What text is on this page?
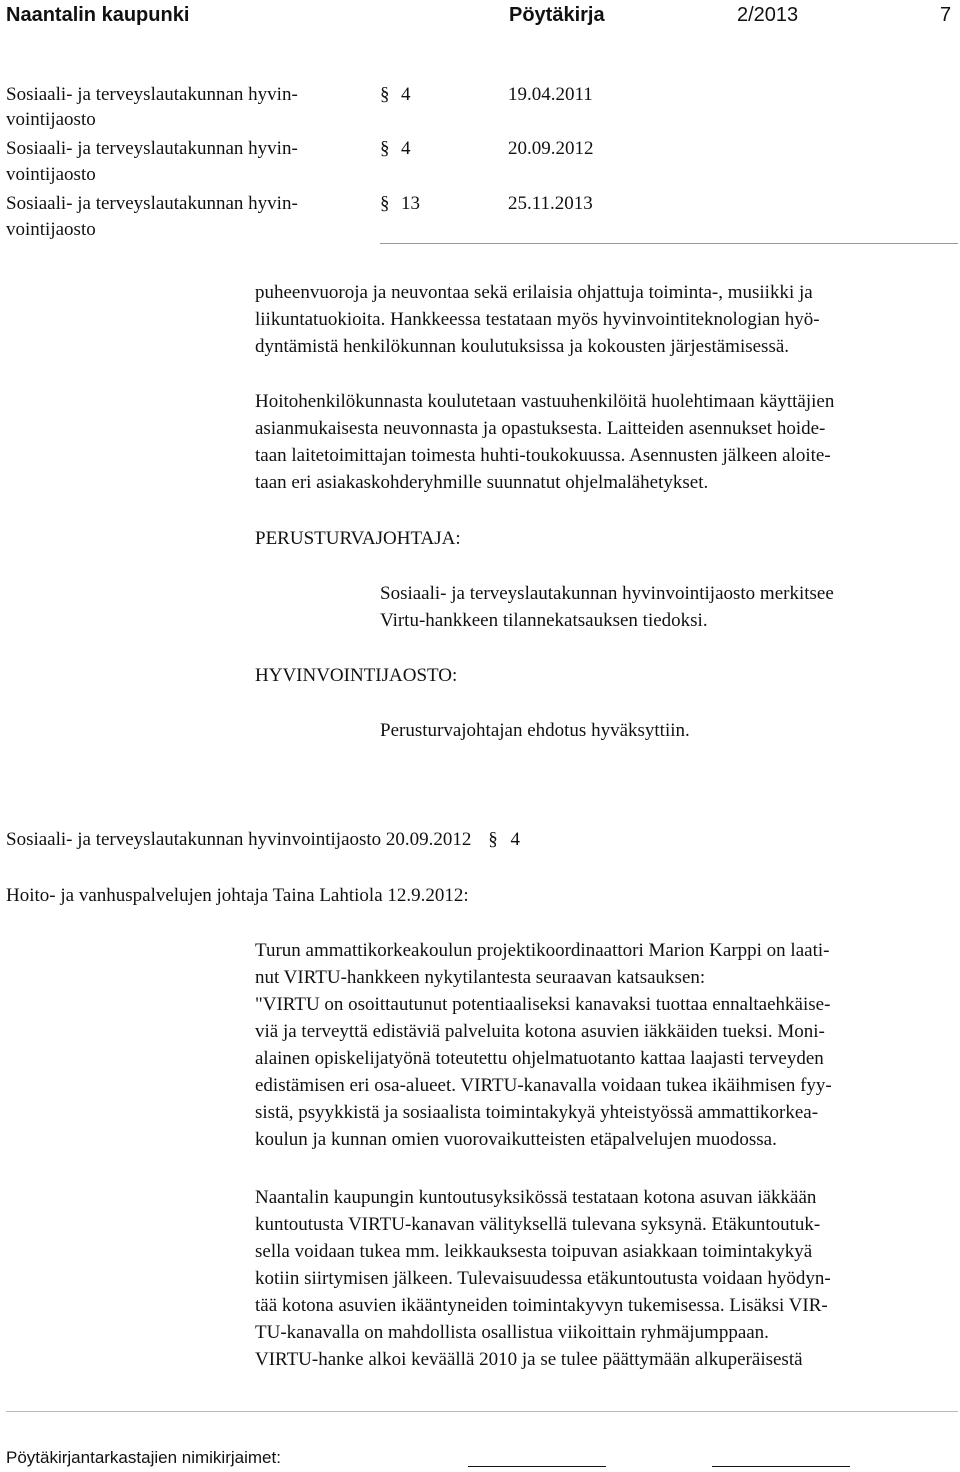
Naantalin kaupunki	Pöytäkirja	2/2013	7
Sosiaali- ja terveyslautakunnan hyvin-
vointijaosto
§ 4	19.04.2011
Sosiaali- ja terveyslautakunnan hyvin-
vointijaosto
§ 4	20.09.2012
Sosiaali- ja terveyslautakunnan hyvin-
vointijaosto
§ 13	25.11.2013
puheenvuoroja ja neuvontaa sekä erilaisia ohjattuja toiminta-, musiikki ja
liikuntatuokioita. Hankkeessa testataan myös hyvinvointiteknologian hyö-
dyntämistä henkilökunnan koulutuksissa ja kokousten järjestämisessä.
Hoitohenkilökunnasta koulutetaan vastuuhenkilöitä huolehtimaan käyttäjien
asianmukaisesta neuvonnasta ja opastuksesta. Laitteiden asennukset hoide-
taan laitetoimittajan toimesta huhti-toukokuussa. Asennusten jälkeen aloite-
taan eri asiakaskohderyhmille suunnatut ohjelmalähetykset.
PERUSTURVAJOHTAJA:
Sosiaali- ja terveyslautakunnan hyvinvointijaosto merkitsee
Virtu-hankkeen tilannekatsauksen tiedoksi.
HYVINVOINTIJAOSTO:
Perusturvajohtajan ehdotus hyväksyttiin.
Sosiaali- ja terveyslautakunnan hyvinvointijaosto 20.09.2012 § 4
Hoito- ja vanhuspalvelujen johtaja Taina Lahtiola 12.9.2012:
Turun ammattikorkeakoulun projektikoordinaattori Marion Karppi on laati-
nut VIRTU-hankkeen nykytilantesta seuraavan katsauksen:
"VIRTU on osoittautunut potentiaaliseksi kanavaksi tuottaa ennaltaehkäise-
viä ja terveyttä edistäviä palveluita kotona asuvien iäkkäiden tueksi. Moni-
alainen opiskelijatyönä toteutettu ohjelmatuotanto kattaa laajasti terveyden
edistämisen eri osa-alueet. VIRTU-kanavalla voidaan tukea ikäihmisen fyy-
sistä, psyykkistä ja sosiaalista toimintakykyä yhteistyössä ammattikorkea-
koulun ja kunnan omien vuorovaikutteisten etäpalvelujen muodossa.
Naantalin kaupungin kuntoutusyksikössä testataan kotona asuvan iäkkään
kuntoutusta VIRTU-kanavan välityksellä tulevana syksynä. Etäkuntoutuk-
sella voidaan tukea mm. leikkauksesta toipuvan asiakkaan toimintakykyä
kotiin siirtymisen jälkeen. Tulevaisuudessa etäkuntoutusta voidaan hyödyn-
tää kotona asuvien ikääntyneiden toimintakyvyn tukemisessa. Lisäksi VIR-
TU-kanavalla on mahdollista osallistua viikoittain ryhmäjumppaan.
VIRTU-hanke alkoi keväällä 2010 ja se tulee päättymään alkuperäisestä
Pöytäkirjantarkastajien nimikirjaimet:
